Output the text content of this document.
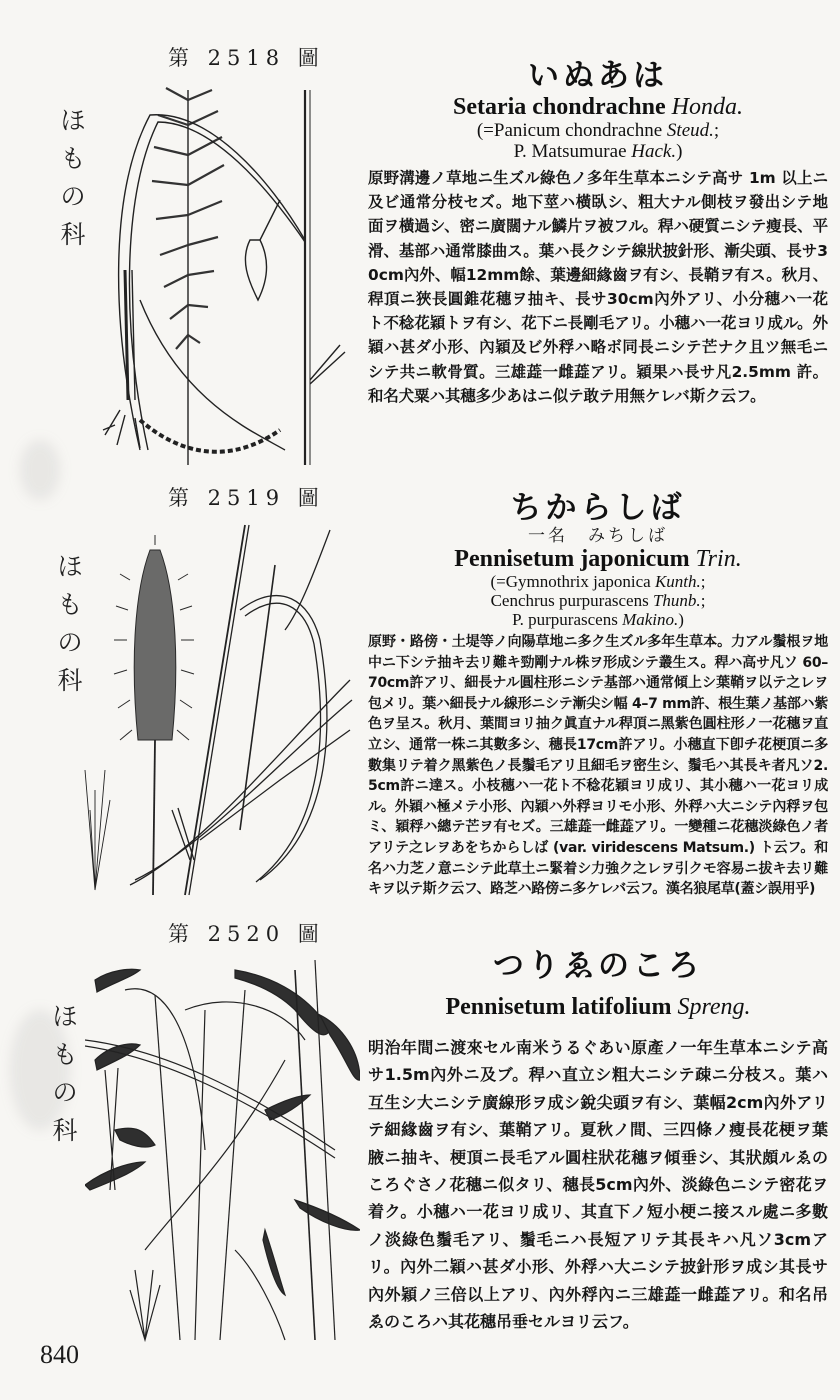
第 2518 圖
ほもの科
いぬあは
Setaria chondrachne Honda.
(=Panicum chondrachne Steud.;
P. Matsumurae Hack.)
原野溝邊ノ草地ニ生ズル綠色ノ多年生草本ニシテ高サ 1m 以上ニ及ビ通常分枝セズ。地下莖ハ橫臥シ、粗大ナル側枝ヲ發出シテ地面ヲ橫過シ、密ニ廣闊ナル鱗片ヲ被フル。稈ハ硬質ニシテ瘦長、平滑、基部ハ通常膝曲ス。葉ハ長クシテ線狀披針形、漸尖頭、長サ30cm內外、幅12mm餘、葉邊細緣齒ヲ有シ、長鞘ヲ有ス。秋月、稈頂ニ狹長圓錐花穗ヲ抽キ、長サ30cm內外アリ、小分穗ハ一花ト不稔花穎トヲ有シ、花下ニ長剛毛アリ。小穗ハ一花ヨリ成ル。外穎ハ甚ダ小形、內穎及ビ外稃ハ略ボ同長ニシテ芒ナク且ツ無毛ニシテ共ニ軟骨質。三雄蕋一雌蕋アリ。穎果ハ長サ凡2.5mm 許。和名犬粟ハ其穗多少あはニ似テ敢テ用無ケレバ斯ク云フ。
第 2519 圖
ほもの科
ちからしば
一名　みちしば
Pennisetum japonicum Trin.
(=Gymnothrix japonica Kunth.;
Cenchrus purpurascens Thunb.;
P. purpurascens Makino.)
原野・路傍・土堤等ノ向陽草地ニ多ク生ズル多年生草本。力アル鬚根ヲ地中ニ下シテ抽キ去リ難キ勁剛ナル株ヲ形成シテ叢生ス。稈ハ高サ凡ソ 60–70cm許アリ、細長ナル圓柱形ニシテ基部ハ通常傾上シ葉鞘ヲ以テ之レヲ包メリ。葉ハ細長ナル線形ニシテ漸尖シ幅 4–7 mm許、根生葉ノ基部ハ紫色ヲ呈ス。秋月、葉間ヨリ抽ク眞直ナル稈頂ニ黑紫色圓柱形ノ一花穗ヲ直立シ、通常一株ニ其數多シ、穗長17cm許アリ。小穗直下卽チ花梗頂ニ多數集リテ着ク黑紫色ノ長鬚毛アリ且細毛ヲ密生シ、鬚毛ハ其長キ者凡ソ2.5cm許ニ達ス。小枝穗ハ一花ト不稔花穎ヨリ成リ、其小穗ハ一花ヨリ成ル。外穎ハ極メテ小形、內穎ハ外稃ヨリモ小形、外稃ハ大ニシテ內稃ヲ包ミ、穎稃ハ總テ芒ヲ有セズ。三雄蕋一雌蕋アリ。一變種ニ花穗淡綠色ノ者アリテ之レヲあをちからしば (var. viridescens Matsum.) ト云フ。和名ハ力芝ノ意ニシテ此草土ニ緊着シ力強ク之レヲ引クモ容易ニ拔キ去リ難キヲ以テ斯ク云フ、路芝ハ路傍ニ多ケレバ云フ。漢名狼尾草(蓋シ誤用乎)
第 2520 圖
ほもの科
つりゑのころ
Pennisetum latifolium Spreng.
明治年間ニ渡來セル南米うるぐあい原產ノ一年生草本ニシテ高サ1.5m內外ニ及ブ。稈ハ直立シ粗大ニシテ疎ニ分枝ス。葉ハ互生シ大ニシテ廣線形ヲ成シ銳尖頭ヲ有シ、葉幅2cm內外アリテ細緣齒ヲ有シ、葉鞘アリ。夏秋ノ間、三四條ノ瘦長花梗ヲ葉腋ニ抽キ、梗頂ニ長毛アル圓柱狀花穗ヲ傾垂シ、其狀頗ルゑのころぐさノ花穗ニ似タリ、穗長5cm內外、淡綠色ニシテ密花ヲ着ク。小穗ハ一花ヨリ成リ、其直下ノ短小梗ニ接スル處ニ多數ノ淡綠色鬚毛アリ、鬚毛ニハ長短アリテ其長キハ凡ソ3cmアリ。內外二穎ハ甚ダ小形、外稃ハ大ニシテ披針形ヲ成シ其長サ內外穎ノ三倍以上アリ、內外稃內ニ三雄蕋一雌蕋アリ。和名吊ゑのころハ其花穗吊垂セルヨリ云フ。
840
